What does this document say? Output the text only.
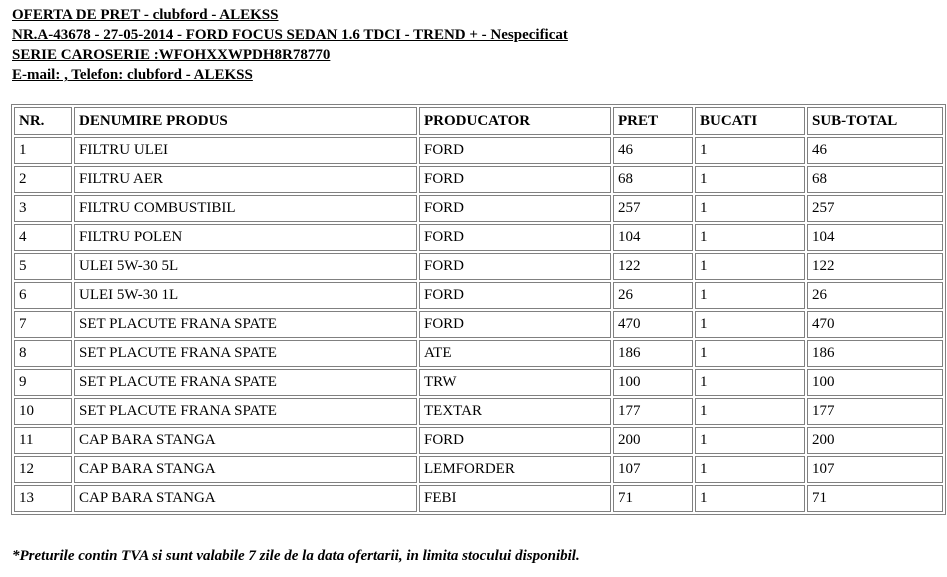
OFERTA DE PRET - clubford - ALEKSS
NR.A-43678 - 27-05-2014 - FORD FOCUS SEDAN 1.6 TDCI - TREND + - Nespecificat
SERIE CAROSERIE :WFOHXXWPDH8R78770
E-mail: , Telefon: clubford - ALEKSS
NR.	DENUMIRE PRODUS	PRODUCATOR	PRET	BUCATI	SUB-TOTAL
1	FILTRU ULEI	FORD	46	1	46
2	FILTRU AER	FORD	68	1	68
3	FILTRU COMBUSTIBIL	FORD	257	1	257
4	FILTRU POLEN	FORD	104	1	104
5	ULEI 5W-30 5L	FORD	122	1	122
6	ULEI 5W-30 1L	FORD	26	1	26
7	SET PLACUTE FRANA SPATE	FORD	470	1	470
8	SET PLACUTE FRANA SPATE	ATE	186	1	186
9	SET PLACUTE FRANA SPATE	TRW	100	1	100
10	SET PLACUTE FRANA SPATE	TEXTAR	177	1	177
11	CAP BARA STANGA	FORD	200	1	200
12	CAP BARA STANGA	LEMFORDER	107	1	107
13	CAP BARA STANGA	FEBI	71	1	71
*Preturile contin TVA si sunt valabile 7 zile de la data ofertarii, in limita stocului disponibil.
